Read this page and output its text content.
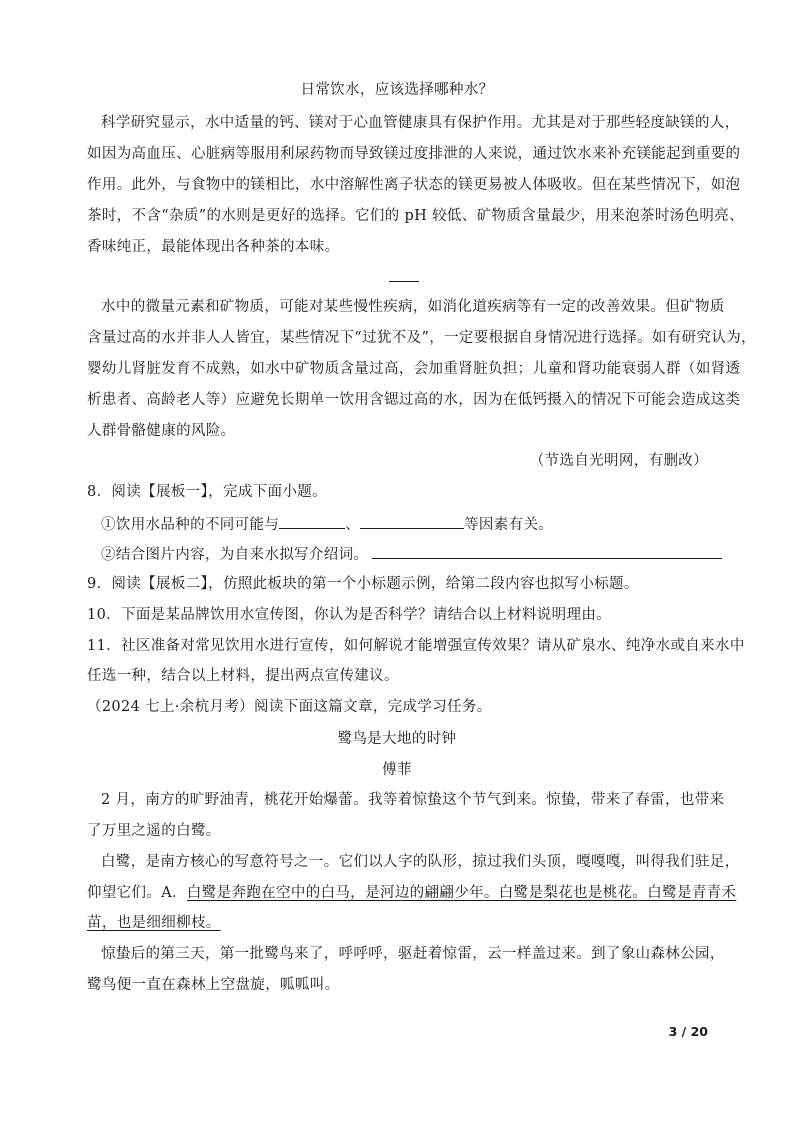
日常饮水，应该选择哪种水？
科学研究显示，水中适量的钙、镁对于心血管健康具有保护作用。尤其是对于那些轻度缺镁的人，
如因为高血压、心脏病等服用利尿药物而导致镁过度排泄的人来说，通过饮水来补充镁能起到重要的
作用。此外，与食物中的镁相比，水中溶解性离子状态的镁更易被人体吸收。但在某些情况下，如泡
茶时，不含“杂质”的水则是更好的选择。它们的 pH 较低、矿物质含量最少，用来泡茶时汤色明亮、
香味纯正，最能体现出各种茶的本味。
水中的微量元素和矿物质，可能对某些慢性疾病，如消化道疾病等有一定的改善效果。但矿物质
含量过高的水并非人人皆宜，某些情况下“过犹不及”，一定要根据自身情况进行选择。如有研究认为，
婴幼儿肾脏发育不成熟，如水中矿物质含量过高，会加重肾脏负担；儿童和肾功能衰弱人群（如肾透
析患者、高龄老人等）应避免长期单一饮用含锶过高的水，因为在低钙摄入的情况下可能会造成这类
人群骨骼健康的风险。
（节选自光明网，有删改）
8．阅读【展板一】，完成下面小题。
①饮用水品种的不同可能与	、	等因素有关。
②结合图片内容，为自来水拟写介绍词。
9．阅读【展板二】，仿照此板块的第一个小标题示例，给第二段内容也拟写小标题。
10．下面是某品牌饮用水宣传图，你认为是否科学？请结合以上材料说明理由。
11．社区准备对常见饮用水进行宣传，如何解说才能增强宣传效果？请从矿泉水、纯净水或自来水中
任选一种，结合以上材料，提出两点宣传建议。
（2024 七上·余杭月考）阅读下面这篇文章，完成学习任务。
鹭鸟是大地的时钟
傅菲
2 月，南方的旷野油青，桃花开始爆蕾。我等着惊蛰这个节气到来。惊蛰，带来了春雷，也带来
了万里之遥的白鹭。
白鹭，是南方核心的写意符号之一。它们以人字的队形，掠过我们头顶，嘎嘎嘎，叫得我们驻足，
仰望它们。A．白鹭是奔跑在空中的白马，是河边的翩翩少年。白鹭是梨花也是桃花。白鹭是青青禾
苗，也是细细柳枝。
惊蛰后的第三天，第一批鹭鸟来了，呼呼呼，驱赶着惊雷，云一样盖过来。到了象山森林公园，
鹭鸟便一直在森林上空盘旋，呱呱叫。
3 / 20
